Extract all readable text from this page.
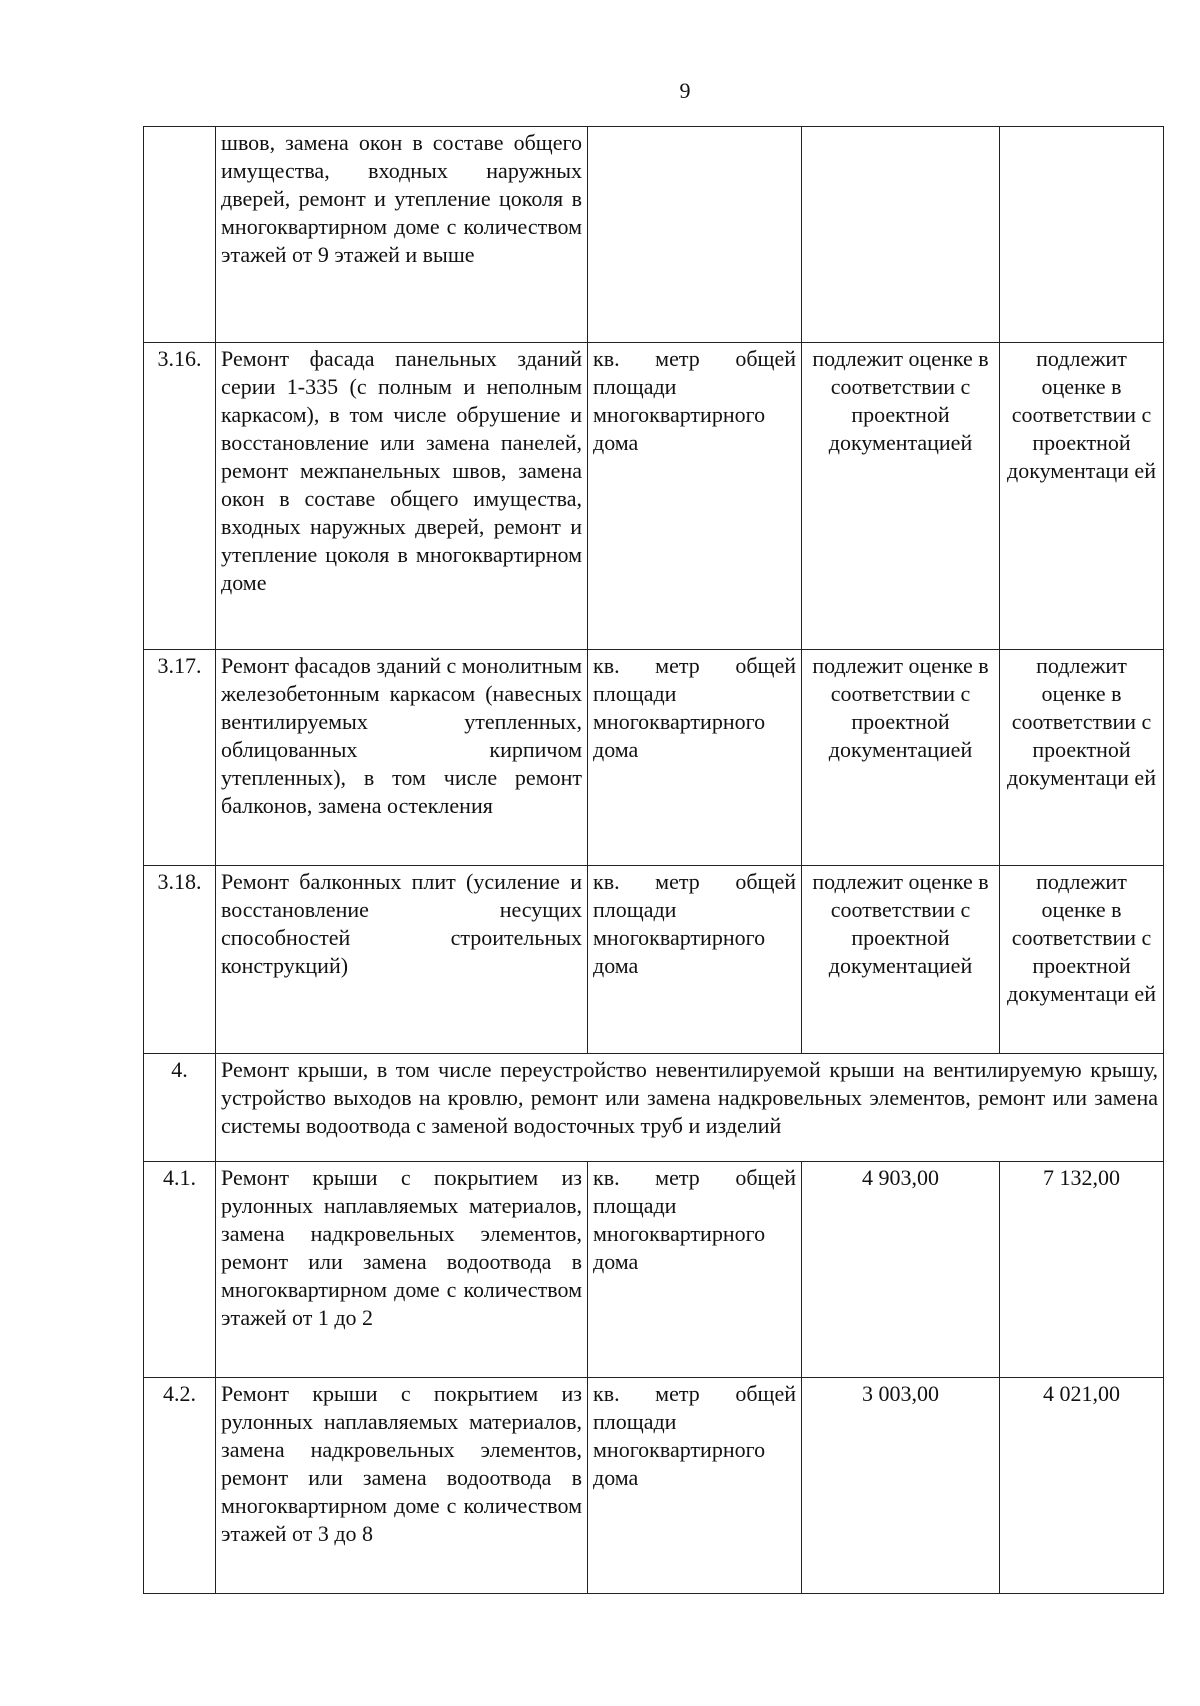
9
	швов, замена окон в составе общего имущества, входных наружных дверей, ремонт и утепление цоколя в многоквартирном доме с количеством этажей от 9 этажей и выше			
3.16.	Ремонт фасада панельных зданий серии 1-335 (с полным и неполным каркасом), в том числе обрушение и восстановление или замена панелей, ремонт межпанельных швов, замена окон в составе общего имущества, входных наружных дверей, ремонт и утепление цоколя в многоквартирном доме	кв. метр общей площади многоквартирного дома	подлежит оценке в соответствии с проектной документацией	подлежит оценке в соответствии с проектной документаци ей
3.17.	Ремонт фасадов зданий с монолитным железобетонным каркасом (навесных вентилируемых утепленных, облицованных кирпичом утепленных), в том числе ремонт балконов, замена остекления	кв. метр общей площади многоквартирного дома	подлежит оценке в соответствии с проектной документацией	подлежит оценке в соответствии с проектной документаци ей
3.18.	Ремонт балконных плит (усиление и восстановление несущих способностей строительных конструкций)	кв. метр общей площади многоквартирного дома	подлежит оценке в соответствии с проектной документацией	подлежит оценке в соответствии с проектной документаци ей
4.	Ремонт крыши, в том числе переустройство невентилируемой крыши на вентилируемую крышу, устройство выходов на кровлю, ремонт или замена надкровельных элементов, ремонт или замена системы водоотвода с заменой водосточных труб и изделий			
4.1.	Ремонт крыши с покрытием из рулонных наплавляемых материалов, замена надкровельных элементов, ремонт или замена водоотвода в многоквартирном доме с количеством этажей от 1 до 2	кв. метр общей площади многоквартирного дома	4 903,00	7 132,00
4.2.	Ремонт крыши с покрытием из рулонных наплавляемых материалов, замена надкровельных элементов, ремонт или замена водоотвода в многоквартирном доме с количеством этажей от 3 до 8	кв. метр общей площади многоквартирного дома	3 003,00	4 021,00
